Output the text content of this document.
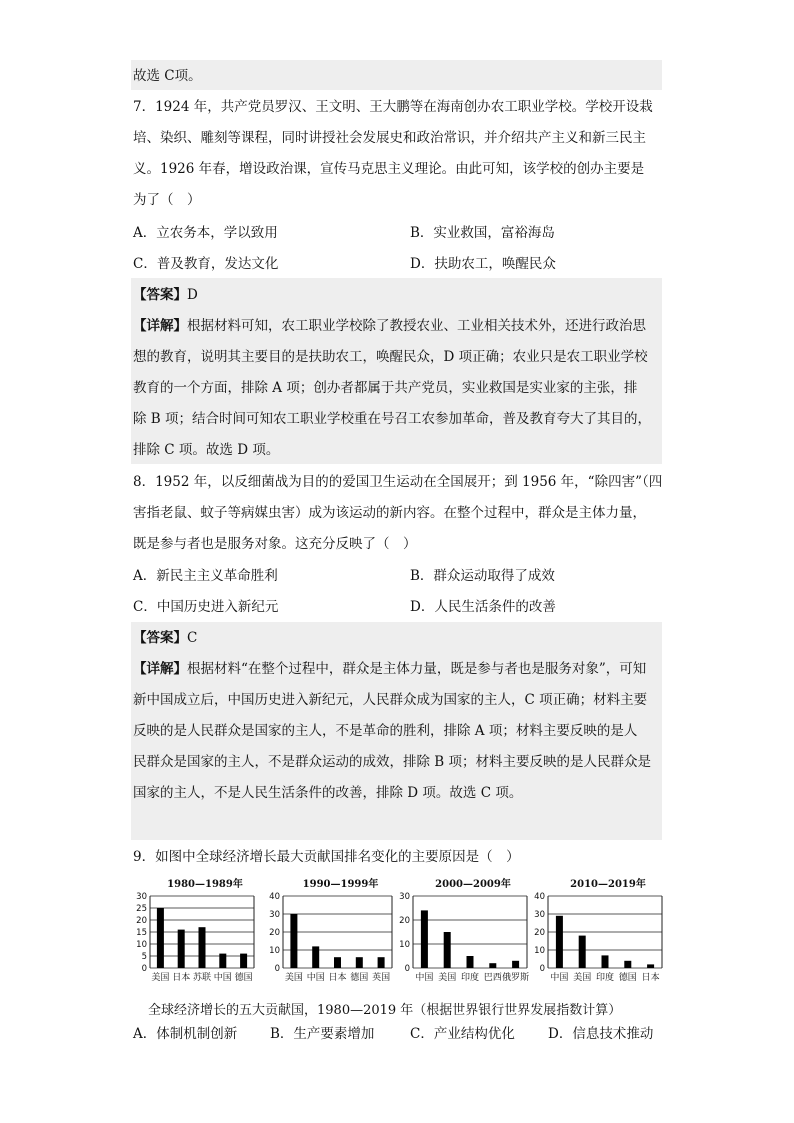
故选 C项。
7．1924 年，共产党员罗汉、王文明、王大鹏等在海南创办农工职业学校。学校开设栽
培、染织、雕刻等课程，同时讲授社会发展史和政治常识，并介绍共产主义和新三民主
义。1926 年春，增设政治课，宣传马克思主义理论。由此可知，该学校的创办主要是
为了（　）
A．立农务本，学以致用	B．实业救国，富裕海岛
C．普及教育，发达文化	D．扶助农工，唤醒民众
【答案】D
【详解】根据材料可知，农工职业学校除了教授农业、工业相关技术外，还进行政治思
想的教育，说明其主要目的是扶助农工，唤醒民众，D 项正确；农业只是农工职业学校
教育的一个方面，排除 A 项；创办者都属于共产党员，实业救国是实业家的主张，排
除 B 项；结合时间可知农工职业学校重在号召工农参加革命，普及教育夸大了其目的，
排除 C 项。故选 D 项。
8．1952 年，以反细菌战为目的的爱国卫生运动在全国展开；到 1956 年，“除四害”（四
害指老鼠、蚊子等病媒虫害）成为该运动的新内容。在整个过程中，群众是主体力量，
既是参与者也是服务对象。这充分反映了（　）
A．新民主主义革命胜利	B．群众运动取得了成效
C．中国历史进入新纪元	D．人民生活条件的改善
【答案】C
【详解】根据材料“在整个过程中，群众是主体力量，既是参与者也是服务对象”，可知
新中国成立后，中国历史进入新纪元，人民群众成为国家的主人，C 项正确；材料主要
反映的是人民群众是国家的主人，不是革命的胜利，排除 A 项；材料主要反映的是人
民群众是国家的主人，不是群众运动的成效，排除 B 项；材料主要反映的是人民群众是
国家的主人，不是人民生活条件的改善，排除 D 项。故选 C 项。
9．如图中全球经济增长最大贡献国排名变化的主要原因是（　）
1980—1989年
0
5
10
15
20
25
30
美国 日本 苏联 中国 德国
1990—1999年
0
10
20
30
40
美国 中国 日本 德国 英国
2000—2009年
0
10
20
30
中国 美国 印度 巴西 俄罗斯
2010—2019年
0
10
20
30
40
中国 美国 印度 德国 日本
全球经济增长的五大贡献国，1980—2019 年（根据世界银行世界发展指数计算）
A．体制机制创新 B．生产要素增加	C．产业结构优化 D．信息技术推动
